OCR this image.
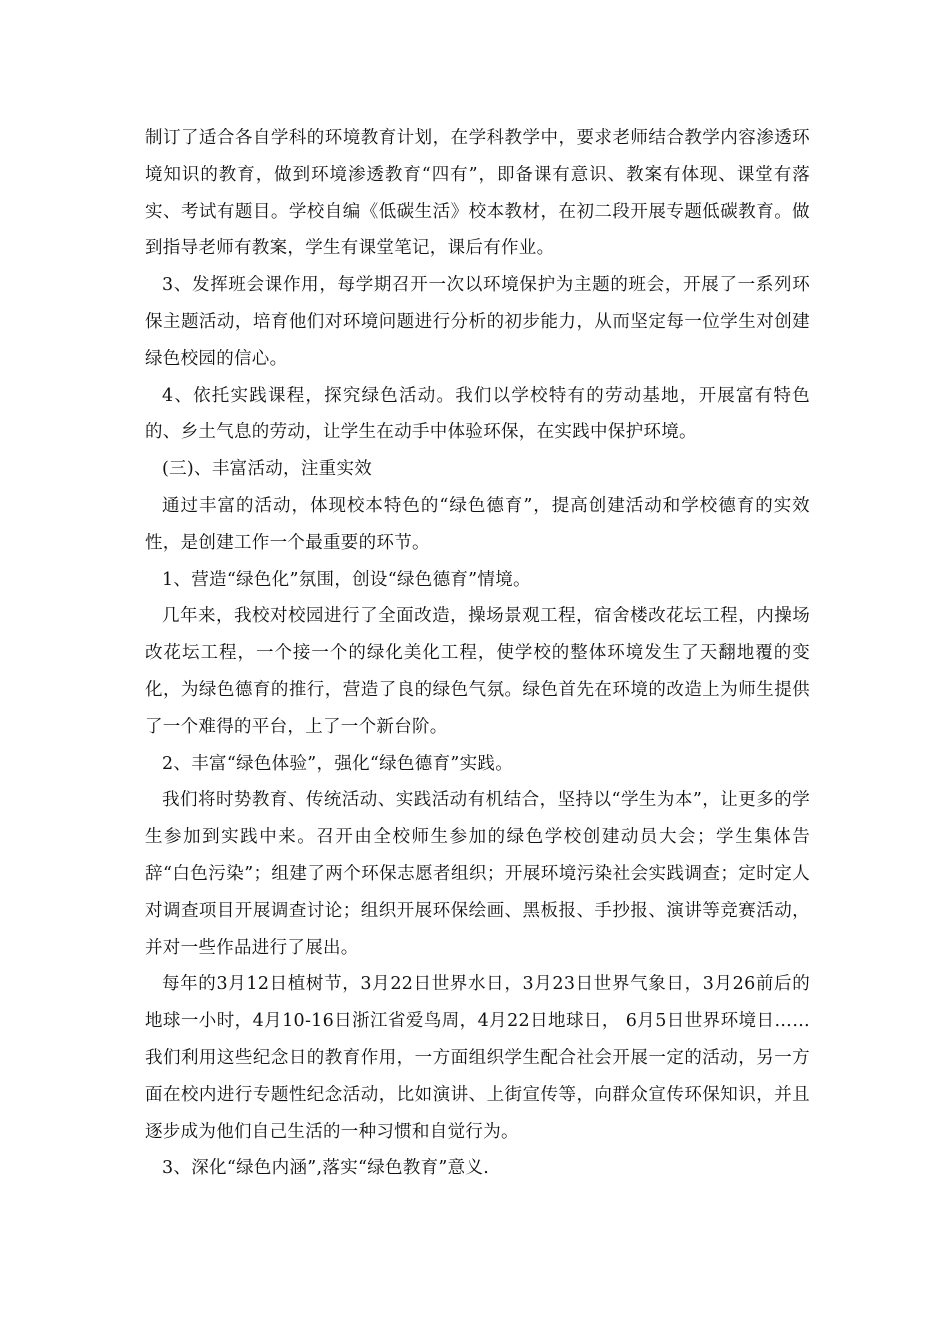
制订了适合各自学科的环境教育计划，在学科教学中，要求老师结合教学内容渗透环境知识的教育，做到环境渗透教育“四有”，即备课有意识、教案有体现、课堂有落实、考试有题目。学校自编《低碳生活》校本教材，在初二段开展专题低碳教育。做到指导老师有教案，学生有课堂笔记，课后有作业。

3、发挥班会课作用，每学期召开一次以环境保护为主题的班会，开展了一系列环保主题活动，培育他们对环境问题进行分析的初步能力，从而坚定每一位学生对创建绿色校园的信心。

4、依托实践课程，探究绿色活动。我们以学校特有的劳动基地，开展富有特色的、乡土气息的劳动，让学生在动手中体验环保，在实践中保护环境。

(三)、丰富活动，注重实效

通过丰富的活动，体现校本特色的“绿色德育”，提高创建活动和学校德育的实效性，是创建工作一个最重要的环节。

1、营造“绿色化”氛围，创设“绿色德育”情境。

几年来，我校对校园进行了全面改造，操场景观工程，宿舍楼改花坛工程，内操场改花坛工程，一个接一个的绿化美化工程，使学校的整体环境发生了天翻地覆的变化，为绿色德育的推行，营造了良的绿色气氛。绿色首先在环境的改造上为师生提供了一个难得的平台，上了一个新台阶。

2、丰富“绿色体验”，强化“绿色德育”实践。

我们将时势教育、传统活动、实践活动有机结合，坚持以“学生为本”，让更多的学生参加到实践中来。召开由全校师生参加的绿色学校创建动员大会；学生集体告辞“白色污染”；组建了两个环保志愿者组织；开展环境污染社会实践调查；定时定人对调查项目开展调查讨论；组织开展环保绘画、黑板报、手抄报、演讲等竞赛活动，并对一些作品进行了展出。

每年的3月12日植树节，3月22日世界水日，3月23日世界气象日，3月26前后的地球一小时，4月10-16日浙江省爱鸟周，4月22日地球日， 6月5日世界环境日……我们利用这些纪念日的教育作用，一方面组织学生配合社会开展一定的活动，另一方面在校内进行专题性纪念活动，比如演讲、上街宣传等，向群众宣传环保知识，并且逐步成为他们自己生活的一种习惯和自觉行为。

3、深化“绿色内涵”,落实“绿色教育”意义.
